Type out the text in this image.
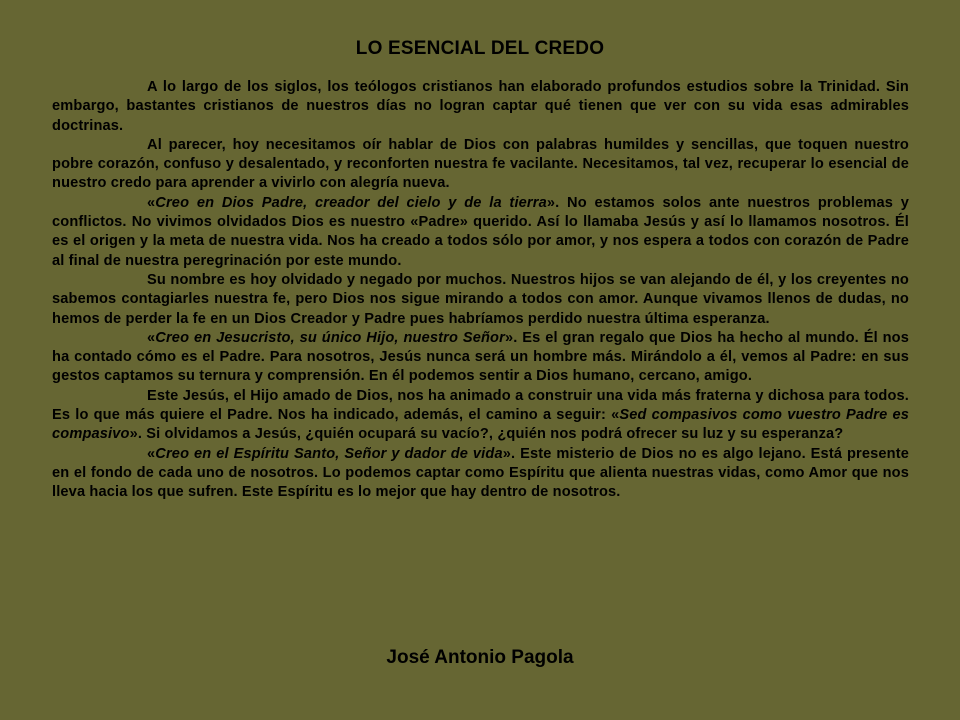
LO ESENCIAL DEL CREDO

A lo largo de los siglos, los teólogos cristianos han elaborado profundos estudios sobre la Trinidad. Sin embargo, bastantes cristianos de nuestros días no logran captar qué tienen que ver con su vida esas admirables doctrinas.

Al parecer, hoy necesitamos oír hablar de Dios con palabras humildes y sencillas, que toquen nuestro pobre corazón, confuso y desalentado, y reconforten nuestra fe vacilante. Necesitamos, tal vez, recuperar lo esencial de nuestro credo para aprender a vivirlo con alegría nueva.

«Creo en Dios Padre, creador del cielo y de la tierra». No estamos solos ante nuestros problemas y conflictos. No vivimos olvidados Dios es nuestro «Padre» querido. Así lo llamaba Jesús y así lo llamamos nosotros. Él es el origen y la meta de nuestra vida. Nos ha creado a todos sólo por amor, y nos espera a todos con corazón de Padre al final de nuestra peregrinación por este mundo.

Su nombre es hoy olvidado y negado por muchos. Nuestros hijos se van alejando de él, y los creyentes no sabemos contagiarles nuestra fe, pero Dios nos sigue mirando a todos con amor. Aunque vivamos llenos de dudas, no hemos de perder la fe en un Dios Creador y Padre pues habríamos perdido nuestra última esperanza.

«Creo en Jesucristo, su único Hijo, nuestro Señor». Es el gran regalo que Dios ha hecho al mundo. Él nos ha contado cómo es el Padre. Para nosotros, Jesús nunca será un hombre más. Mirándolo a él, vemos al Padre: en sus gestos captamos su ternura y comprensión. En él podemos sentir a Dios humano, cercano, amigo.

Este Jesús, el Hijo amado de Dios, nos ha animado a construir una vida más fraterna y dichosa para todos. Es lo que más quiere el Padre. Nos ha indicado, además, el camino a seguir: «Sed compasivos como vuestro Padre es compasivo». Si olvidamos a Jesús, ¿quién ocupará su vacío?, ¿quién nos podrá ofrecer su luz y su esperanza?

«Creo en el Espíritu Santo, Señor y dador de vida». Este misterio de Dios no es algo lejano. Está presente en el fondo de cada uno de nosotros. Lo podemos captar como Espíritu que alienta nuestras vidas, como Amor que nos lleva hacia los que sufren. Este Espíritu es lo mejor que hay dentro de nosotros.

José Antonio Pagola
